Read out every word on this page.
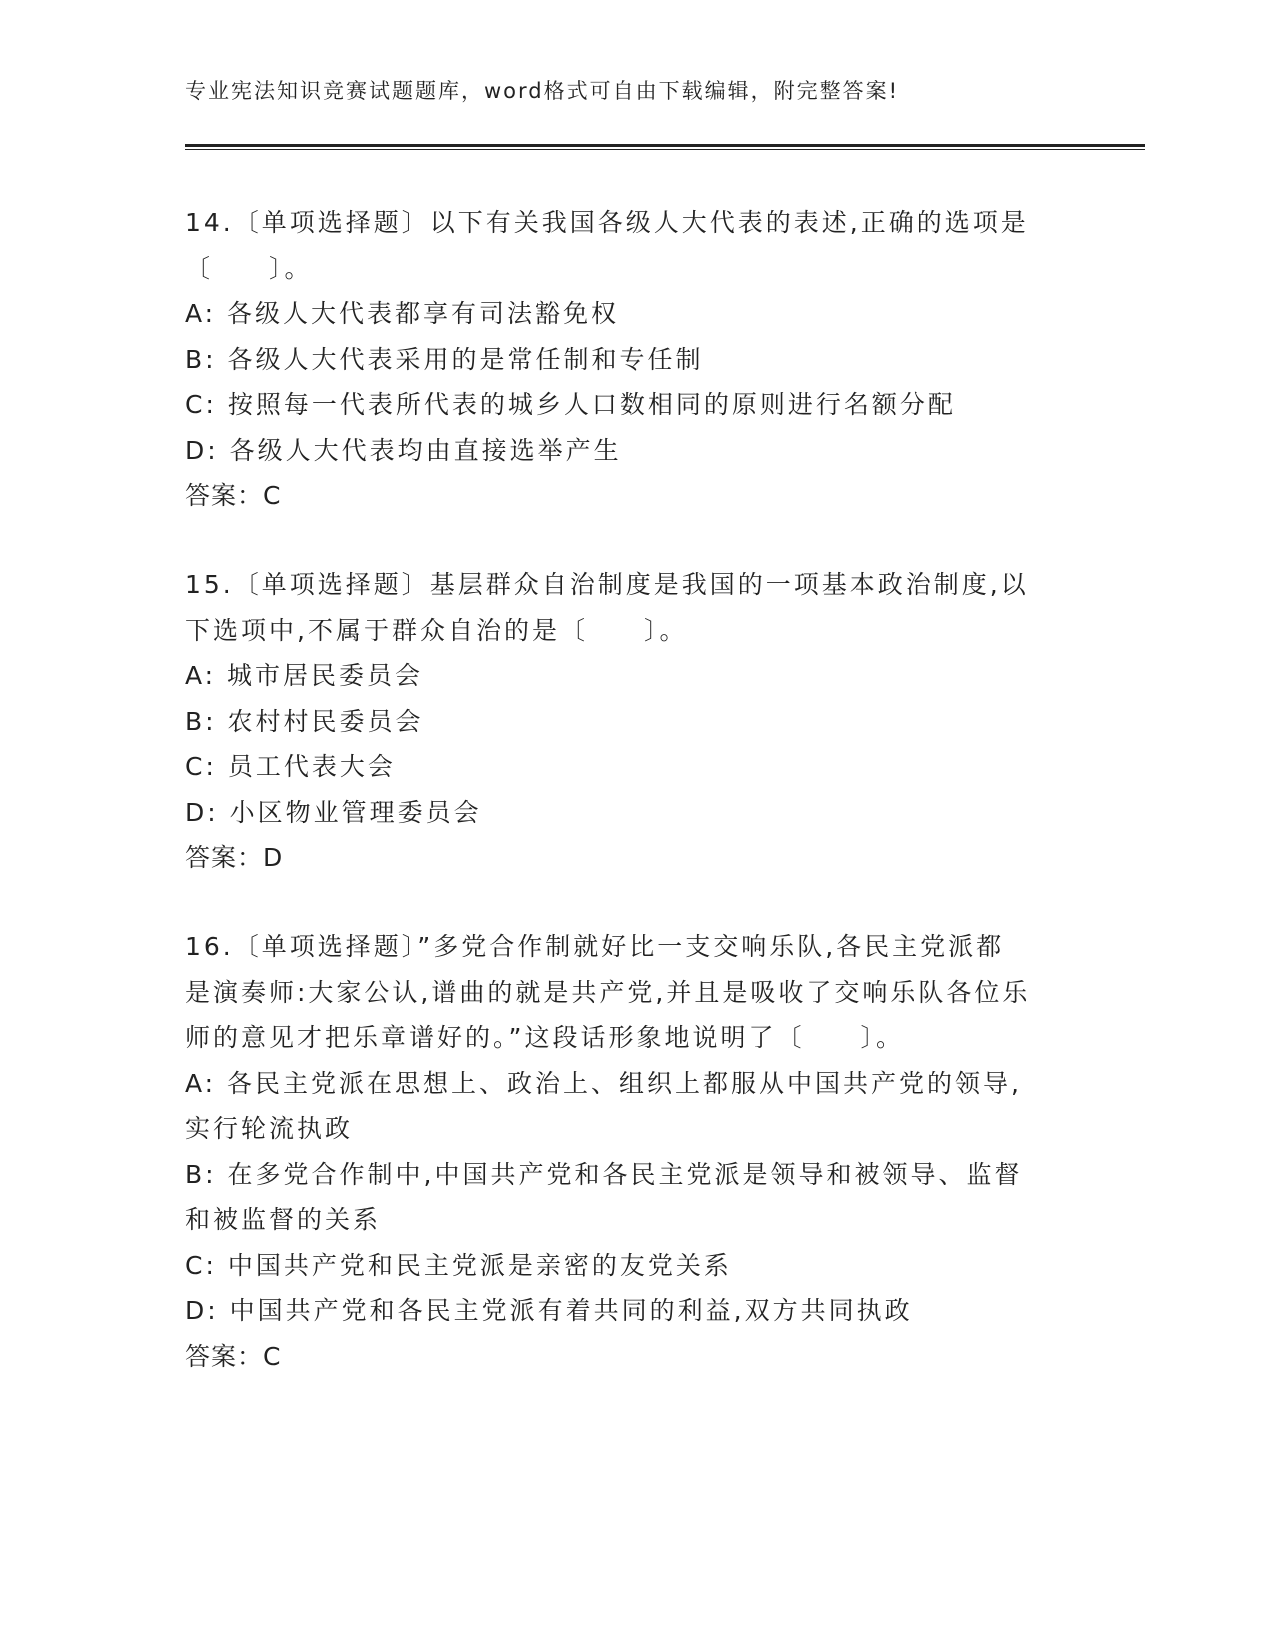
专业宪法知识竞赛试题题库，word格式可自由下载编辑，附完整答案!
14.〔单项选择题〕以下有关我国各级人大代表的表述,正确的选项是
〔　　〕。
A: 各级人大代表都享有司法豁免权
B: 各级人大代表采用的是常任制和专任制
C: 按照每一代表所代表的城乡人口数相同的原则进行名额分配
D: 各级人大代表均由直接选举产生
答案：C
15.〔单项选择题〕基层群众自治制度是我国的一项基本政治制度,以
下选项中,不属于群众自治的是〔　　〕。
A: 城市居民委员会
B: 农村村民委员会
C: 员工代表大会
D: 小区物业管理委员会
答案：D
16.〔单项选择题〕”多党合作制就好比一支交响乐队,各民主党派都
是演奏师:大家公认,谱曲的就是共产党,并且是吸收了交响乐队各位乐
师的意见才把乐章谱好的。”这段话形象地说明了〔　　〕。
A: 各民主党派在思想上、政治上、组织上都服从中国共产党的领导,
实行轮流执政
B: 在多党合作制中,中国共产党和各民主党派是领导和被领导、监督
和被监督的关系
C: 中国共产党和民主党派是亲密的友党关系
D: 中国共产党和各民主党派有着共同的利益,双方共同执政
答案：C
